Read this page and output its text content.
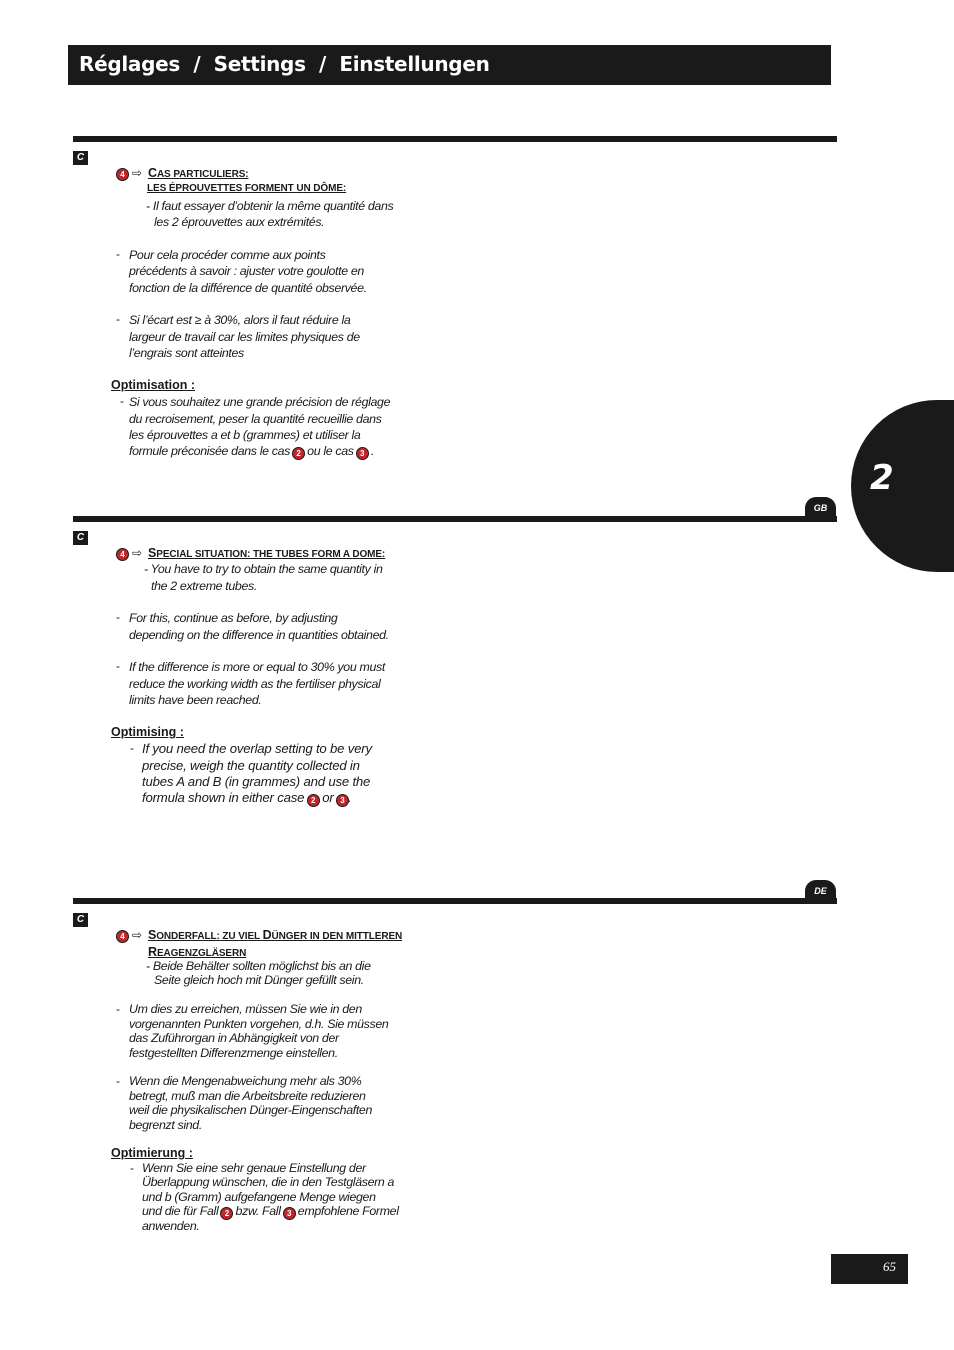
Réglages  /  Settings  /  Einstellungen
2
C
4 ⇨ CAS PARTICULIERS:
LES ÉPROUVETTES FORMENT UN DÔME:
- Il faut essayer d’obtenir la même quantité dans
les 2 éprouvettes aux extrémités.
- Pour cela procéder comme aux points
précédents à savoir : ajuster votre goulotte en
fonction de la différence de quantité observée.
- Si l’écart est ≥ à 30%, alors il faut réduire la
largeur de travail car les limites physiques de
l’engrais sont atteintes
Optimisation :
- Si vous souhaitez une grande précision de réglage
du recroisement, peser la quantité recueillie dans
les éprouvettes a et b (grammes) et utiliser la
formule préconisée dans le cas 2 ou le cas 3 .
GB
C
4 ⇨ SPECIAL SITUATION: THE TUBES FORM A DOME:
- You have to try to obtain the same quantity in
the 2 extreme tubes.
- For this, continue as before, by adjusting
depending on the difference in quantities obtained.
- If the difference is more or equal to 30% you must
reduce the working width as the fertiliser physical
limits have been reached.
Optimising :
- If you need the overlap setting to be very
precise, weigh the quantity collected in
tubes A and B (in grammes) and use the
formula shown in either case 2 or 3 .
DE
C
4 ⇨ SONDERFALL: ZU VIEL DÜNGER IN DEN MITTLEREN
REAGENZGLÄSERN
- Beide Behälter sollten möglichst bis an die
Seite gleich hoch mit Dünger gefüllt sein.
- Um dies zu erreichen, müssen Sie wie in den
vorgenannten Punkten vorgehen, d.h. Sie müssen
das Zuführorgan in Abhängigkeit von der
festgestellten Differenzmenge einstellen.
- Wenn die Mengenabweichung mehr als 30%
betregt, muß man die Arbeitsbreite reduzieren
weil die physikalischen Dünger-Eingenschaften
begrenzt sind.
Optimierung :
- Wenn Sie eine sehr genaue Einstellung der
Überlappung wünschen, die in den Testgläsern a
und b (Gramm) aufgefangene Menge wiegen
und die für Fall 2 bzw. Fall 3 empfohlene Formel
anwenden.
65
